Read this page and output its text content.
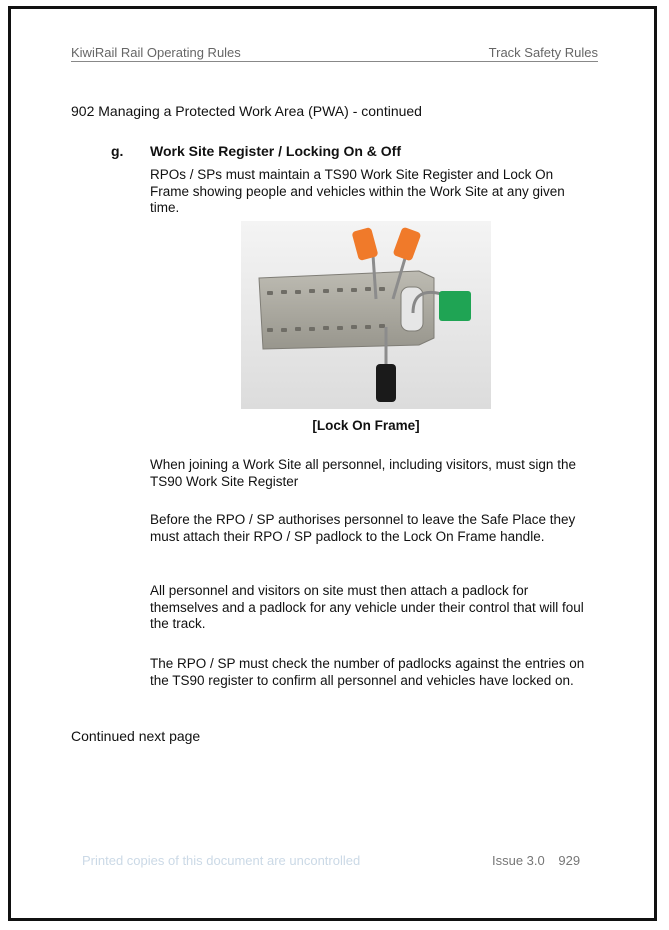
KiwiRail Rail Operating Rules	Track Safety Rules
902 Managing a Protected Work Area (PWA) - continued
g. Work Site Register / Locking On & Off
RPOs / SPs must maintain a TS90 Work Site Register and Lock On Frame showing people and vehicles within the Work Site at any given time.
[Lock On Frame]
When joining a Work Site all personnel, including visitors, must sign the TS90 Work Site Register
Before the RPO / SP authorises personnel to leave the Safe Place they must attach their RPO / SP padlock to the Lock On Frame handle.
All personnel and visitors on site must then attach a padlock for themselves and a padlock for any vehicle under their control that will foul the track.
The RPO / SP must check the number of padlocks against the entries on the TS90 register to confirm all personnel and vehicles have locked on.
Continued next page
Printed copies of this document are uncontrolled	Issue 3.0 929
